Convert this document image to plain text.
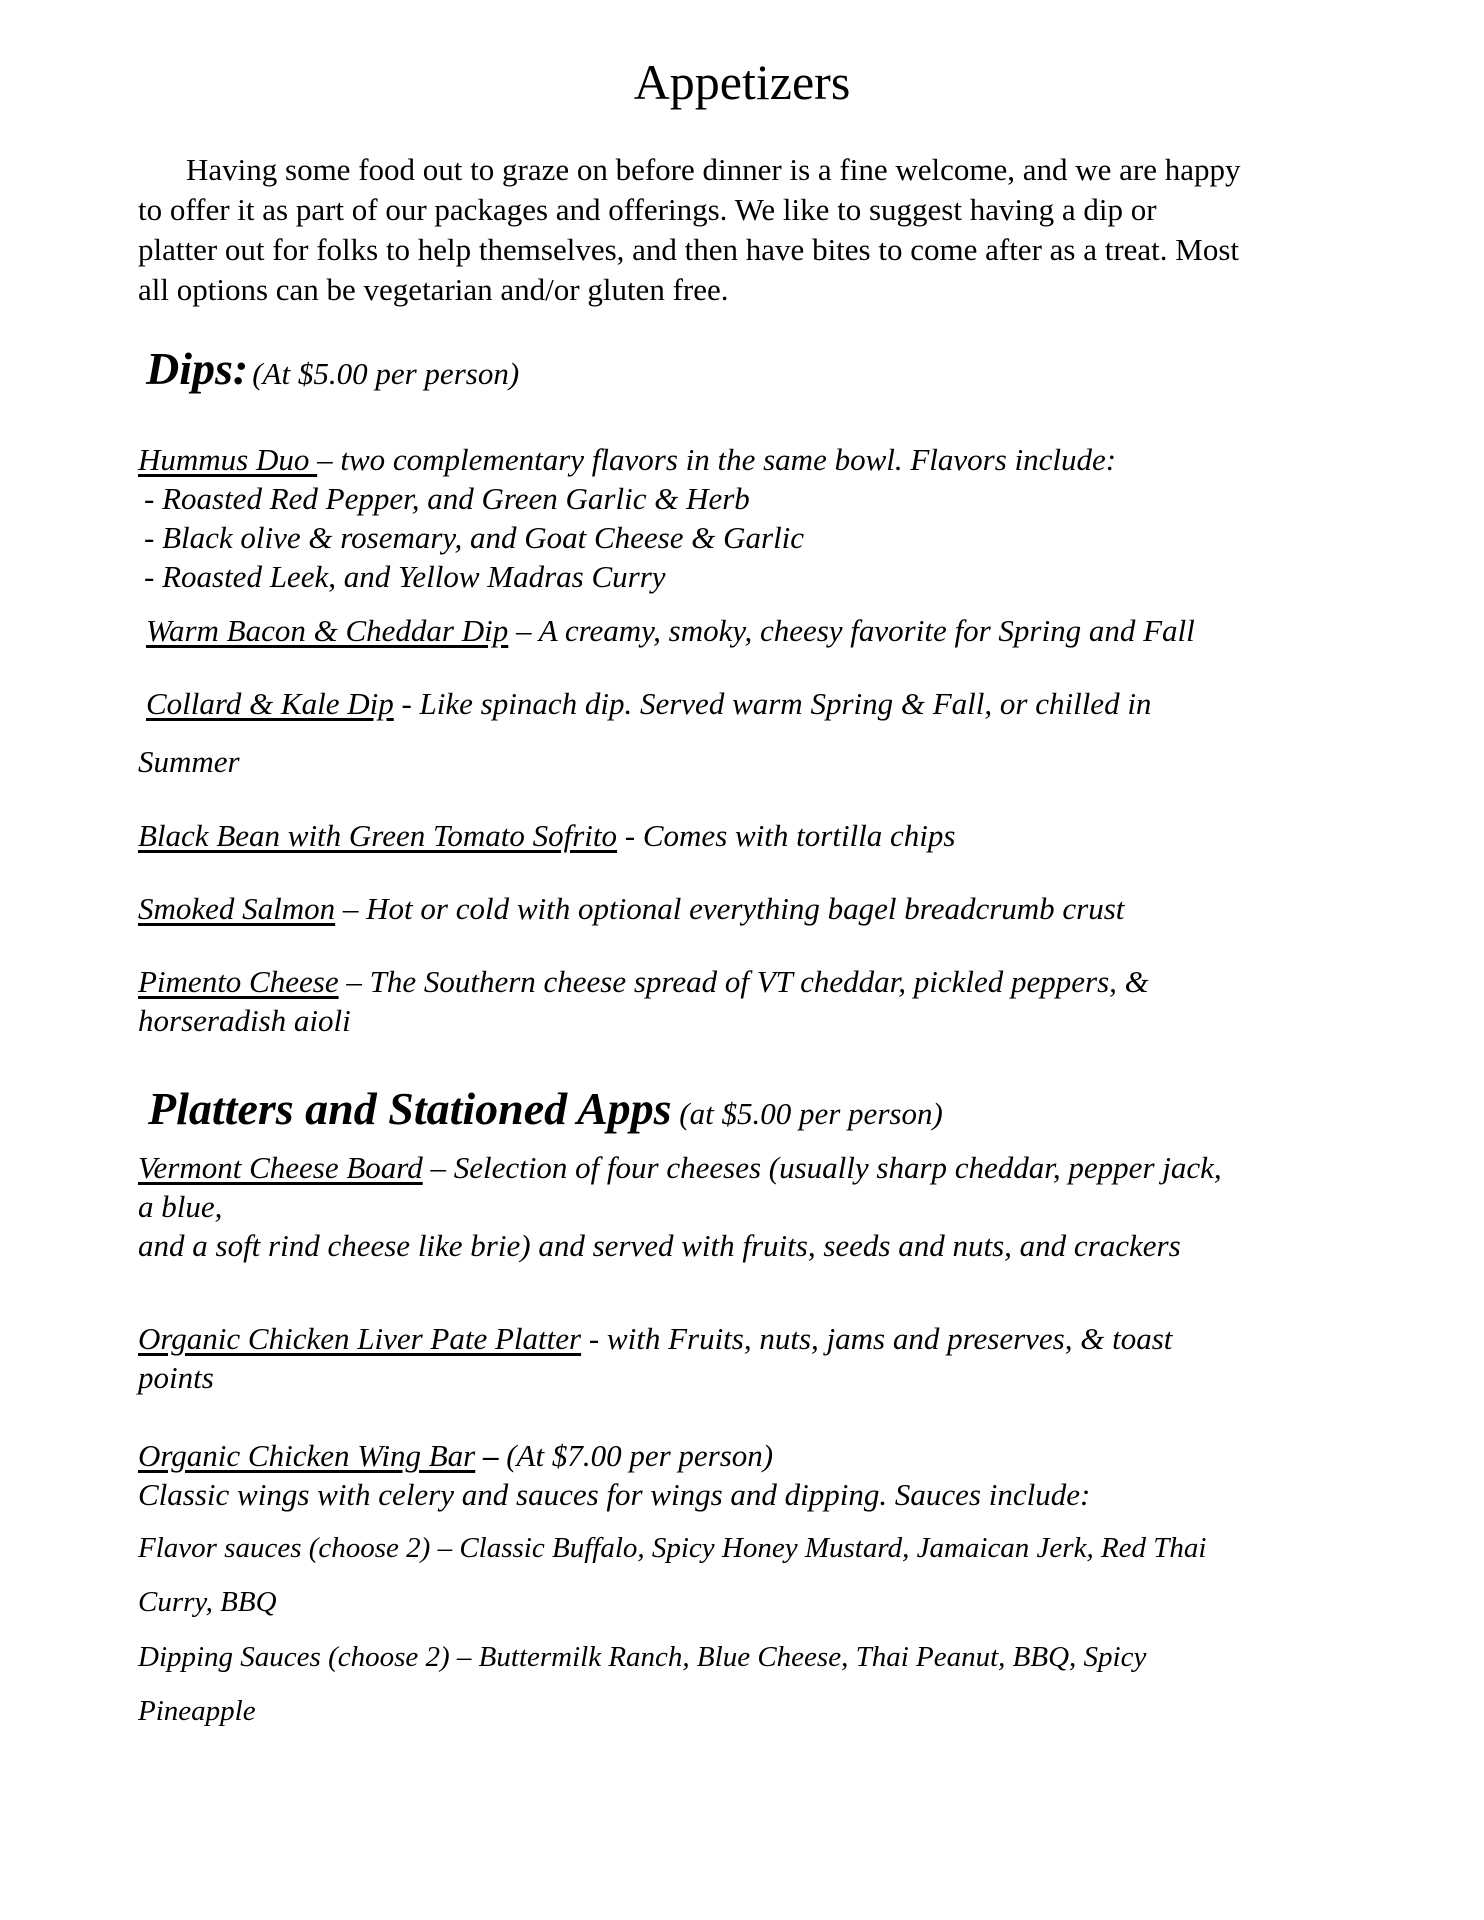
Appetizers
Having some food out to graze on before dinner is a fine welcome, and we are happy
to offer it as part of our packages and offerings. We like to suggest having a dip or
platter out for folks to help themselves, and then have bites to come after as a treat. Most
all options can be vegetarian and/or gluten free.
Dips: (At $5.00 per person)
Hummus Duo – two complementary flavors in the same bowl. Flavors include:
- Roasted Red Pepper, and Green Garlic & Herb
- Black olive & rosemary, and Goat Cheese & Garlic
- Roasted Leek, and Yellow Madras Curry
Warm Bacon & Cheddar Dip – A creamy, smoky, cheesy favorite for Spring and Fall
Collard & Kale Dip - Like spinach dip. Served warm Spring & Fall, or chilled in
Summer
Black Bean with Green Tomato Sofrito - Comes with tortilla chips
Smoked Salmon – Hot or cold with optional everything bagel breadcrumb crust
Pimento Cheese – The Southern cheese spread of VT cheddar, pickled peppers, &
horseradish aioli
Platters and Stationed Apps (at $5.00 per person)
Vermont Cheese Board – Selection of four cheeses (usually sharp cheddar, pepper jack,
a blue,
and a soft rind cheese like brie) and served with fruits, seeds and nuts, and crackers
Organic Chicken Liver Pate Platter - with Fruits, nuts, jams and preserves, & toast
points
Organic Chicken Wing Bar – (At $7.00 per person)
Classic wings with celery and sauces for wings and dipping. Sauces include:
Flavor sauces (choose 2) – Classic Buffalo, Spicy Honey Mustard, Jamaican Jerk, Red Thai
Curry, BBQ
Dipping Sauces (choose 2) – Buttermilk Ranch, Blue Cheese, Thai Peanut, BBQ, Spicy
Pineapple
